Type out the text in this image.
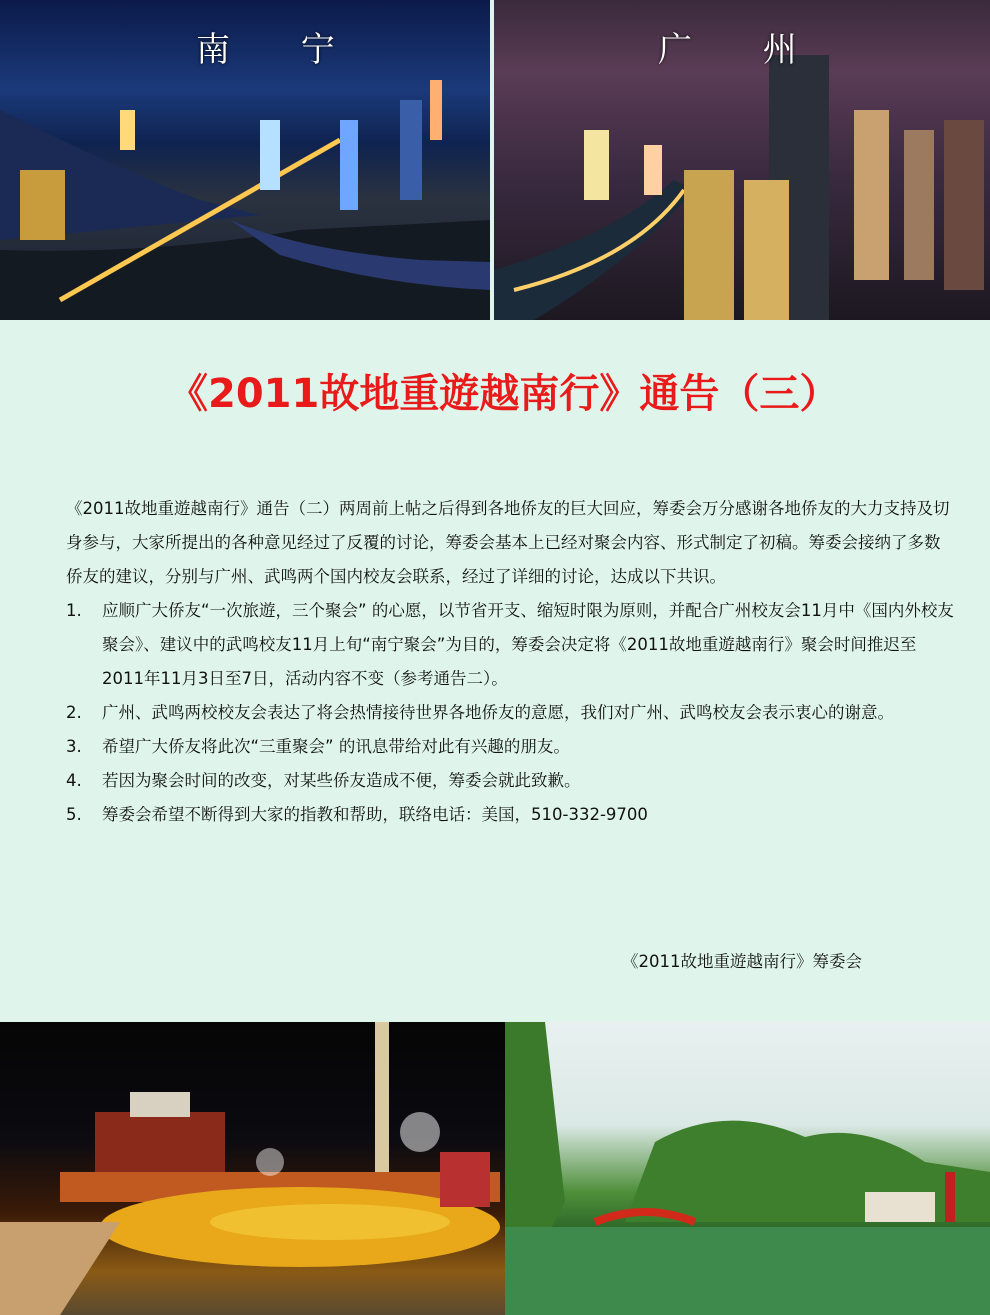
南 宁	广 州
《2011故地重遊越南行》通告（三）
《2011故地重遊越南行》通告（二）两周前上帖之后得到各地侨友的巨大回应，筹委会万分感谢各地侨友的大力支持及切身参与，大家所提出的各种意见经过了反覆的讨论，筹委会基本上已经对聚会内容、形式制定了初稿。筹委会接纳了多数侨友的建议，分别与广州、武鸣两个国内校友会联系，经过了详细的讨论，达成以下共识。
1. 应顺广大侨友“一次旅遊，三个聚会” 的心愿，以节省开支、缩短时限为原则，并配合广州校友会11月中《国内外校友聚会》、建议中的武鸣校友11月上旬“南宁聚会”为目的，筹委会决定将《2011故地重遊越南行》聚会时间推迟至2011年11月3日至7日，活动内容不变（参考通告二）。
2. 广州、武鸣两校校友会表达了将会热情接待世界各地侨友的意愿，我们对广州、武鸣校友会表示衷心的谢意。
3. 希望广大侨友将此次“三重聚会” 的讯息带给对此有兴趣的朋友。
4. 若因为聚会时间的改变，对某些侨友造成不便，筹委会就此致歉。
5. 筹委会希望不断得到大家的指教和帮助，联络电话：美国，510-332-9700
《2011故地重遊越南行》筹委会
